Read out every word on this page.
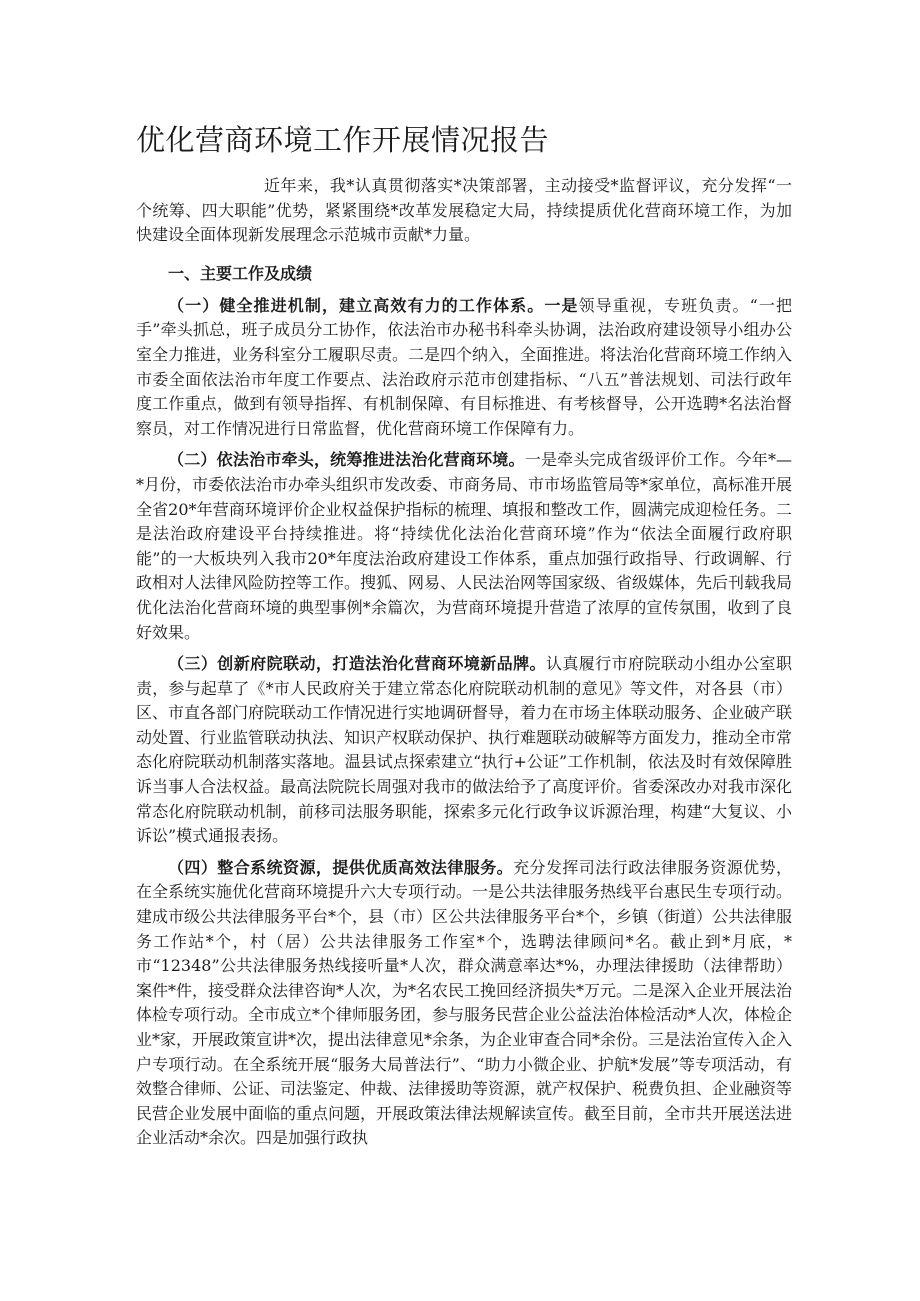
优化营商环境工作开展情况报告

近年来，我*认真贯彻落实*决策部署，主动接受*监督评议，充分发挥“一个统筹、四大职能”优势，紧紧围绕*改革发展稳定大局，持续提质优化营商环境工作，为加快建设全面体现新发展理念示范城市贡献*力量。

一、主要工作及成绩

（一）健全推进机制，建立高效有力的工作体系。一是领导重视，专班负责。“一把手”牵头抓总，班子成员分工协作，依法治市办秘书科牵头协调，法治政府建设领导小组办公室全力推进，业务科室分工履职尽责。二是四个纳入，全面推进。将法治化营商环境工作纳入市委全面依法治市年度工作要点、法治政府示范市创建指标、“八五”普法规划、司法行政年度工作重点，做到有领导指挥、有机制保障、有目标推进、有考核督导，公开选聘*名法治督察员，对工作情况进行日常监督，优化营商环境工作保障有力。

（二）依法治市牵头，统筹推进法治化营商环境。一是牵头完成省级评价工作。今年*—*月份，市委依法治市办牵头组织市发改委、市商务局、市市场监管局等*家单位，高标准开展全省20*年营商环境评价企业权益保护指标的梳理、填报和整改工作，圆满完成迎检任务。二是法治政府建设平台持续推进。将“持续优化法治化营商环境”作为“依法全面履行政府职能”的一大板块列入我市20*年度法治政府建设工作体系，重点加强行政指导、行政调解、行政相对人法律风险防控等工作。搜狐、网易、人民法治网等国家级、省级媒体，先后刊载我局优化法治化营商环境的典型事例*余篇次，为营商环境提升营造了浓厚的宣传氛围，收到了良好效果。

（三）创新府院联动，打造法治化营商环境新品牌。认真履行市府院联动小组办公室职责，参与起草了《*市人民政府关于建立常态化府院联动机制的意见》等文件，对各县（市）区、市直各部门府院联动工作情况进行实地调研督导，着力在市场主体联动服务、企业破产联动处置、行业监管联动执法、知识产权联动保护、执行难题联动破解等方面发力，推动全市常态化府院联动机制落实落地。温县试点探索建立“执行+公证”工作机制，依法及时有效保障胜诉当事人合法权益。最高法院院长周强对我市的做法给予了高度评价。省委深改办对我市深化常态化府院联动机制，前移司法服务职能，探索多元化行政争议诉源治理，构建“大复议、小诉讼”模式通报表扬。

（四）整合系统资源，提供优质高效法律服务。充分发挥司法行政法律服务资源优势，在全系统实施优化营商环境提升六大专项行动。一是公共法律服务热线平台惠民生专项行动。建成市级公共法律服务平台*个，县（市）区公共法律服务平台*个，乡镇（街道）公共法律服务工作站*个，村（居）公共法律服务工作室*个，选聘法律顾问*名。截止到*月底，*市“12348”公共法律服务热线接听量*人次，群众满意率达*%，办理法律援助（法律帮助）案件*件，接受群众法律咨询*人次，为*名农民工挽回经济损失*万元。二是深入企业开展法治体检专项行动。全市成立*个律师服务团，参与服务民营企业公益法治体检活动*人次，体检企业*家，开展政策宣讲*次，提出法律意见*余条，为企业审查合同*余份。三是法治宣传入企入户专项行动。在全系统开展“服务大局普法行”、“助力小微企业、护航*发展”等专项活动，有效整合律师、公证、司法鉴定、仲裁、法律援助等资源，就产权保护、税费负担、企业融资等民营企业发展中面临的重点问题，开展政策法律法规解读宣传。截至目前，全市共开展送法进企业活动*余次。四是加强行政执
